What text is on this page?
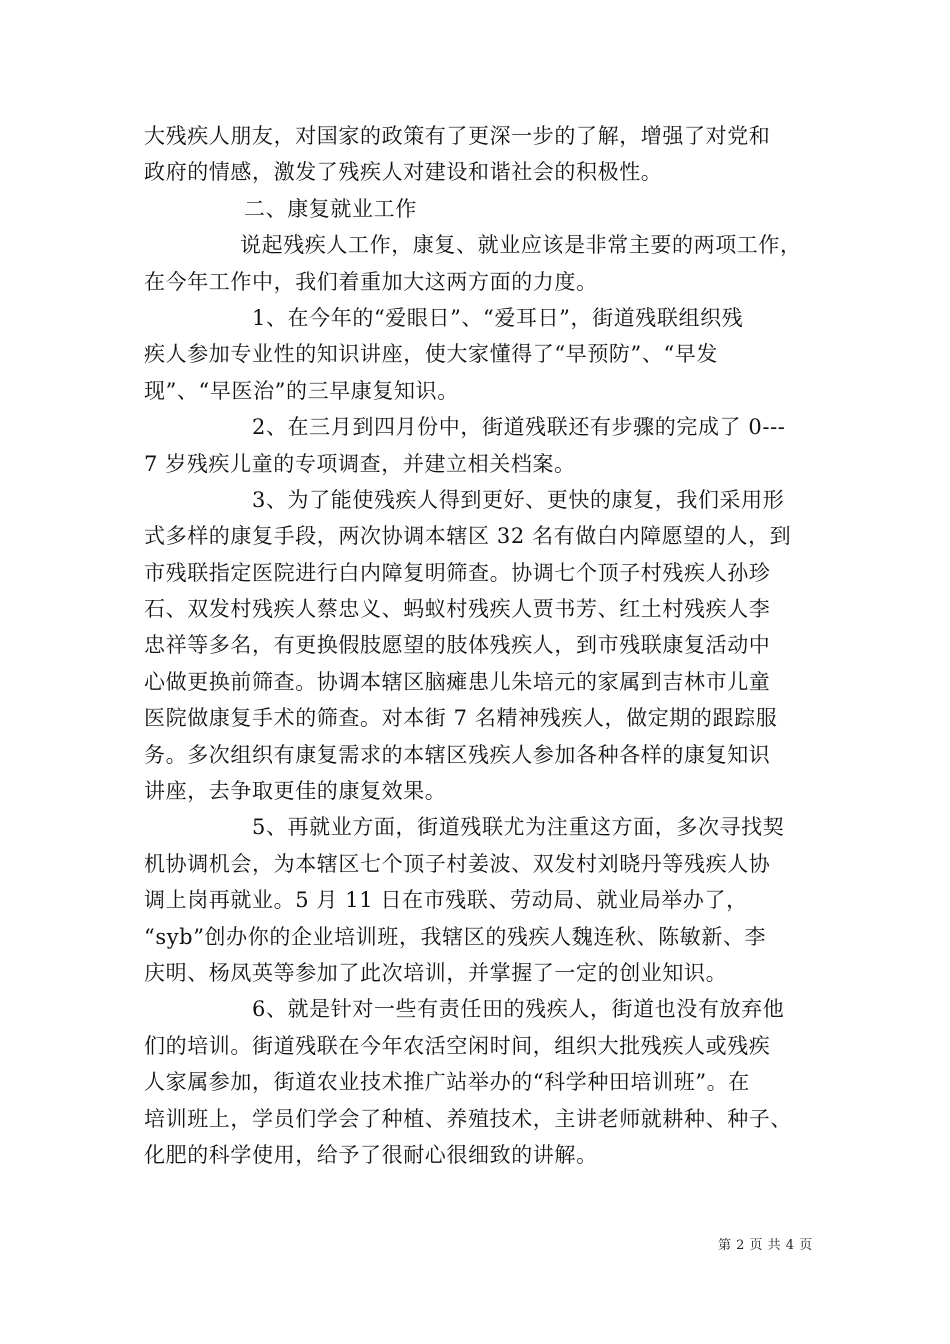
大残疾人朋友，对国家的政策有了更深一步的了解，增强了对党和
政府的情感，激发了残疾人对建设和谐社会的积极性。
二、康复就业工作
说起残疾人工作，康复、就业应该是非常主要的两项工作，
在今年工作中，我们着重加大这两方面的力度。
1、在今年的“爱眼日”、“爱耳日”，街道残联组织残
疾人参加专业性的知识讲座，使大家懂得了“早预防”、“早发
现”、“早医治”的三早康复知识。
2、在三月到四月份中，街道残联还有步骤的完成了 0---
7 岁残疾儿童的专项调查，并建立相关档案。
3、为了能使残疾人得到更好、更快的康复，我们采用形
式多样的康复手段，两次协调本辖区 32 名有做白内障愿望的人，到
市残联指定医院进行白内障复明筛查。协调七个顶子村残疾人孙珍
石、双发村残疾人蔡忠义、蚂蚁村残疾人贾书芳、红土村残疾人李
忠祥等多名，有更换假肢愿望的肢体残疾人，到市残联康复活动中
心做更换前筛查。协调本辖区脑瘫患儿朱培元的家属到吉林市儿童
医院做康复手术的筛查。对本街 7 名精神残疾人，做定期的跟踪服
务。多次组织有康复需求的本辖区残疾人参加各种各样的康复知识
讲座，去争取更佳的康复效果。
5、再就业方面，街道残联尤为注重这方面，多次寻找契
机协调机会，为本辖区七个顶子村姜波、双发村刘晓丹等残疾人协
调上岗再就业。5 月 11 日在市残联、劳动局、就业局举办了，
“syb”创办你的企业培训班，我辖区的残疾人魏连秋、陈敏新、李
庆明、杨凤英等参加了此次培训，并掌握了一定的创业知识。
6、就是针对一些有责任田的残疾人，街道也没有放弃他
们的培训。街道残联在今年农活空闲时间，组织大批残疾人或残疾
人家属参加，街道农业技术推广站举办的“科学种田培训班”。在
培训班上，学员们学会了种植、养殖技术，主讲老师就耕种、种子、
化肥的科学使用，给予了很耐心很细致的讲解。
第 2 页 共 4 页
